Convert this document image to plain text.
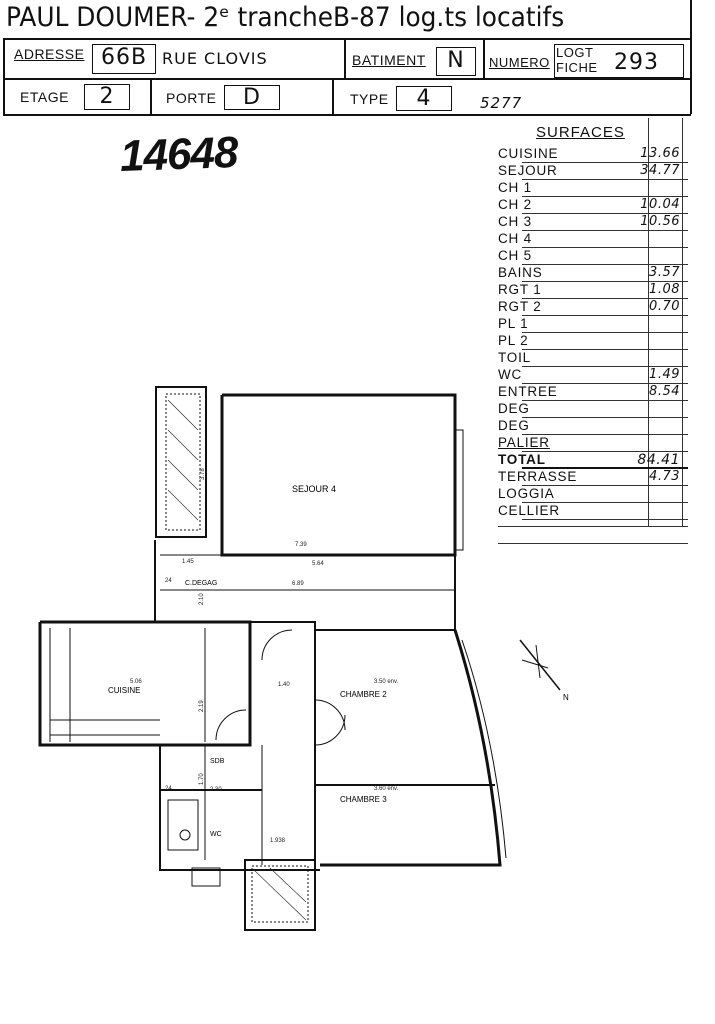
PAUL DOUMER- 2ᵉ trancheB-87 log.ts locatifs
ADRESSE 66B RUE CLOVIS	BATIMENT N	NUMERO
LOGT
FICHE 293
ETAGE	2	PORTE	D	TYPE	4	5277
14648	SURFACES
CUISINE	13.66
SEJOUR	34.77
CH 1
CH 2	10.04
CH 3	10.56
CH 4
CH 5
BAINS	3.57
RGT 1	1.08
RGT 2	0.70
PL 1
PL 2
TOIL
WC	1.49
ENTREE	8.54
DEG
DEG
PALIER
TOTAL	84.41
TERRASSE	4.73
LOGGIA
CELLIER
SEJOUR 4
CUISINE	CHAMBRE 2
CHAMBRE 3
SDB
WC
C.DEGAG
7.39
5.64
6.89
1.45
5.06	1.40	3.50 env.
3.60 env.
2.30
1.938
24
24
2.10
1.70
2.19
3.78
N
